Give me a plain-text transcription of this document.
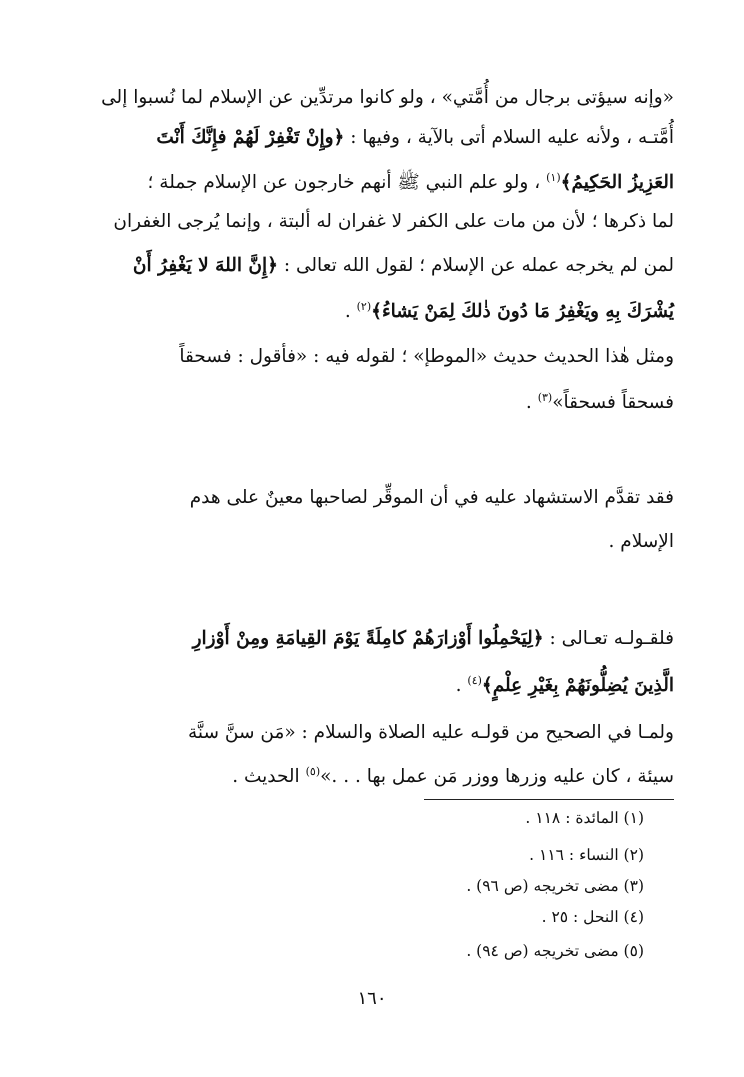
«وإنه سيؤتى برجال من أُمَّتي» ، ولو كانوا مرتدِّين عن الإسلام لما نُسبوا إلى
أُمَّتـه ، ولأنه عليه السلام أتى بالآية ، وفيها : ﴿وإِنْ تَغْفِرْ لَهُمْ فإِنَّكَ أَنْتَ
العَزِيزُ الحَكِيمُ﴾$^{(١)}$ ، ولو علم النبي ﷺ أنهم خارجون عن الإسلام جملة ؛
لما ذكرها ؛ لأن من مات على الكفر لا غفران له ألبتة ، وإنما يُرجى الغفران
لمن لم يخرجه عمله عن الإسلام ؛ لقول الله تعالى : ﴿إِنَّ اللهَ لا يَغْفِرُ أَنْ
يُشْرَكَ بِهِ ويَغْفِرُ مَا دُونَ ذٰلكَ لِمَنْ يَشاءُ﴾$^{(٢)}$ .
ومثل هٰذا الحديث حديث «الموطإ» ؛ لقوله فيه : «فأقول : فسحقاً
فسحقاً فسحقاً»$^{(٣)}$ .
فقد تقدَّم الاستشهاد عليه في أن الموقِّر لصاحبها معينٌ على هدم
الإسلام .
فلقـولـه تعـالى : ﴿لِيَحْمِلُوا أَوْزارَهُمْ كامِلَةً يَوْمَ القِيامَةِ ومِنْ أَوْزارِ
الَّذِينَ يُضِلُّونَهُمْ بِغَيْرِ عِلْمٍ﴾$^{(٤)}$ .
ولمـا في الصحيح من قولـه عليه الصلاة والسلام : «مَن سنَّ سنَّة
سيئة ، كان عليه وزرها ووزر مَن عمل بها . . .»$^{(٥)}$ الحديث .
(١) المائدة : ١١٨ .
(٢) النساء : ١١٦ .
(٣) مضى تخريجه (ص ٩٦) .
(٤) النحل : ٢٥ .
(٥) مضى تخريجه (ص ٩٤) .
١٦٠
